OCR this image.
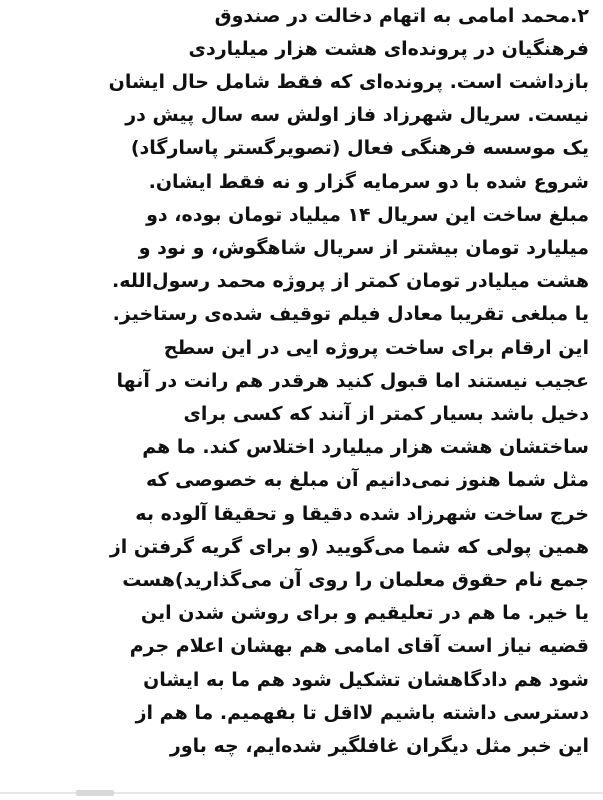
۲.محمد امامی به اتهام دخالت در صندوق
فرهنگیان در پرونده‌ای هشت هزار میلیاردی
بازداشت است. پرونده‌ای که فقط شامل حال ایشان
نیست. سریال شهرزاد فاز اولش سه سال پیش در
یک موسسه فرهنگی فعال (تصویرگستر پاسارگاد)
شروع شده با دو سرمایه گزار و نه فقط ایشان.
مبلغ ساخت این سریال ۱۴ میلیاد تومان بوده، دو
میلیارد تومان بیشتر از سریال شاهگوش، و نود و
هشت میلیادر تومان کمتر از پروژه محمد رسول‌الله.
یا مبلغی تقریبا معادل فیلم توقیف شده‌ی رستاخیز.
این ارقام برای ساخت پروژه ایی در این سطح
عجیب نیستند اما قبول کنید هرقدر هم رانت در آنها
دخیل باشد بسیار کمتر از آنند که کسی برای
ساختشان هشت هزار میلیارد اختلاس کند. ما هم
مثل شما هنوز نمی‌دانیم آن مبلغ به خصوصی که
خرج ساخت شهرزاد شده دقیقا و تحقیقا آلوده به
همین پولی که شما می‌گویید (و برای گریه گرفتن از
جمع نام حقوق معلمان را روی آن می‌گذارید)هست
یا خیر. ما هم در تعلیقیم و برای روشن شدن این
قضیه نیاز است آقای امامی هم بهشان اعلام جرم
شود هم دادگاهشان تشکیل شود هم ما به ایشان
دسترسی داشته باشیم لااقل تا بفهمیم. ما هم از
این خبر مثل دیگران غافلگیر شده‌ایم، چه باور
